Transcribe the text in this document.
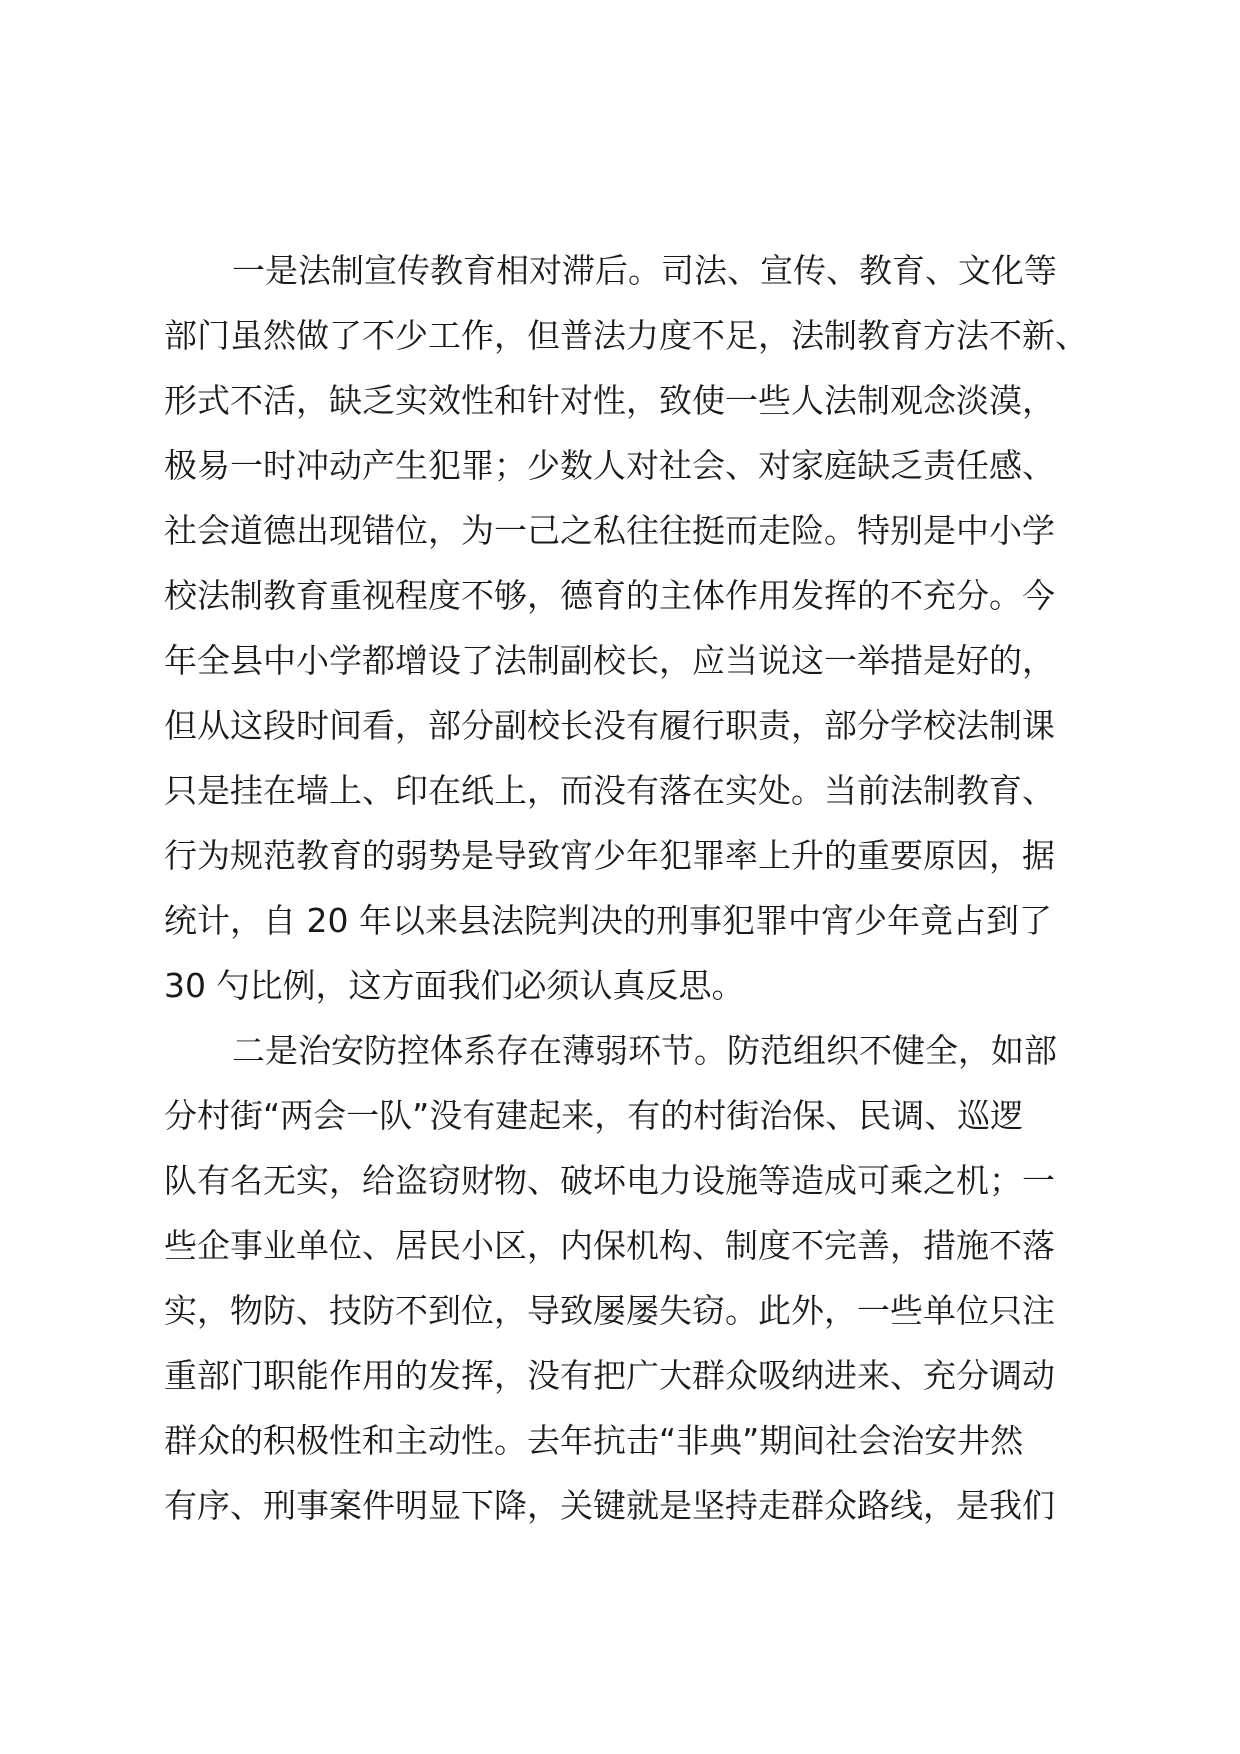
一是法制宣传教育相对滞后。司法、宣传、教育、文化等
部门虽然做了不少工作，但普法力度不足，法制教育方法不新、
形式不活，缺乏实效性和针对性，致使一些人法制观念淡漠，
极易一时冲动产生犯罪；少数人对社会、对家庭缺乏责任感、
社会道德出现错位，为一己之私往往挺而走险。特别是中小学
校法制教育重视程度不够，德育的主体作用发挥的不充分。今
年全县中小学都增设了法制副校长，应当说这一举措是好的，
但从这段时间看，部分副校长没有履行职责，部分学校法制课
只是挂在墙上、印在纸上，而没有落在实处。当前法制教育、
行为规范教育的弱势是导致宵少年犯罪率上升的重要原因，据
统计，自 20 年以来县法院判决的刑事犯罪中宵少年竟占到了
30 勺比例，这方面我们必须认真反思。
二是治安防控体系存在薄弱环节。防范组织不健全，如部
分村街“两会一队”没有建起来，有的村街治保、民调、巡逻
队有名无实，给盗窃财物、破坏电力设施等造成可乘之机；一
些企事业单位、居民小区，内保机构、制度不完善，措施不落
实，物防、技防不到位，导致屡屡失窃。此外，一些单位只注
重部门职能作用的发挥，没有把广大群众吸纳进来、充分调动
群众的积极性和主动性。去年抗击“非典”期间社会治安井然
有序、刑事案件明显下降，关键就是坚持走群众路线，是我们
